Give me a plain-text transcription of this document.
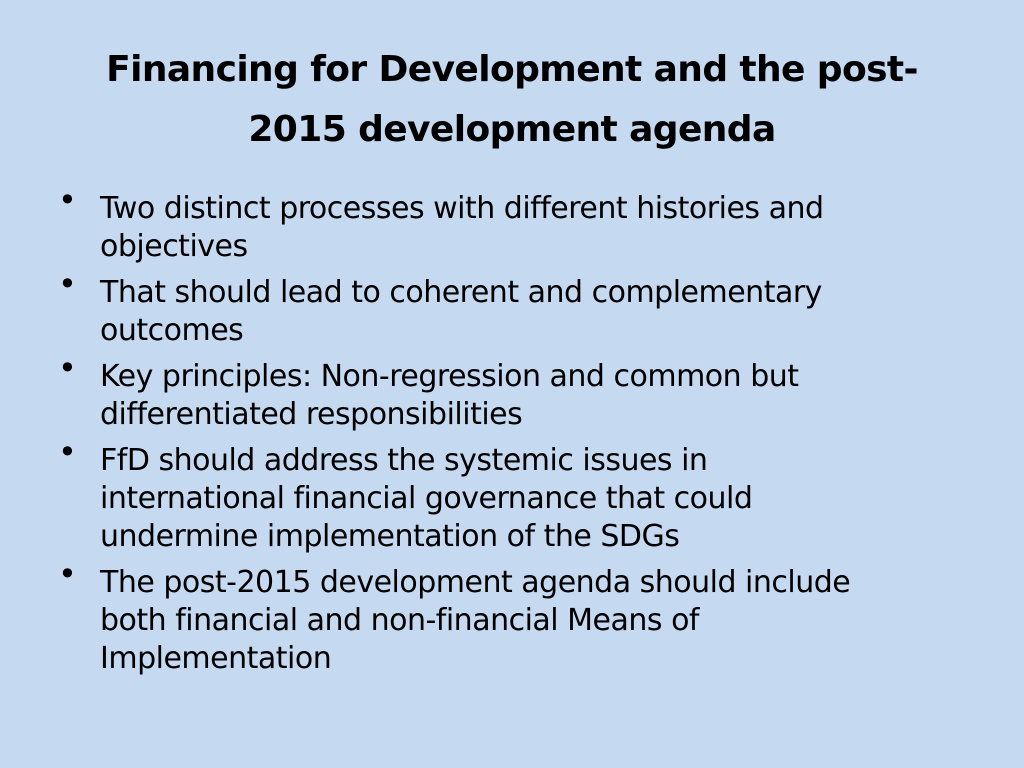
Financing for Development and the post-
2015 development agenda
• Two distinct processes with different histories and
objectives
• That should lead to coherent and complementary
outcomes
• Key principles: Non-regression and common but
differentiated responsibilities
• FfD should address the systemic issues in
international financial governance that could
undermine implementation of the SDGs
• The post-2015 development agenda should include
both financial and non-financial Means of
Implementation
